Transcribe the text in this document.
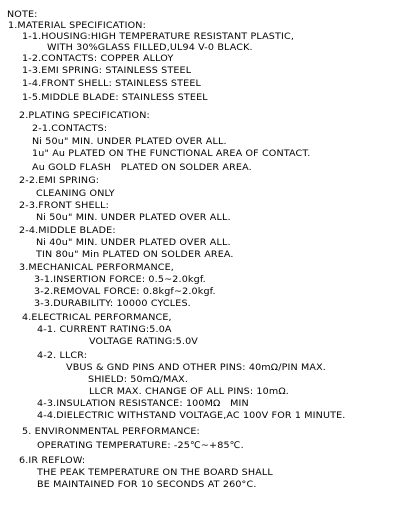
NOTE:
1.MATERIAL SPECIFICATION:
1-1.HOUSING:HIGH TEMPERATURE RESISTANT PLASTIC,
WITH 30%GLASS FILLED,UL94 V-0 BLACK.
1-2.CONTACTS: COPPER ALLOY
1-3.EMI SPRING: STAINLESS STEEL
1-4.FRONT SHELL: STAINLESS STEEL
1-5.MIDDLE BLADE: STAINLESS STEEL
2.PLATING SPECIFICATION:
2-1.CONTACTS:
Ni 50u" MIN. UNDER PLATED OVER ALL.
1u" Au PLATED ON THE FUNCTIONAL AREA OF CONTACT.
Au GOLD FLASH   PLATED ON SOLDER AREA.
2-2.EMI SPRING:
CLEANING ONLY
2-3.FRONT SHELL:
Ni 50u" MIN. UNDER PLATED OVER ALL.
2-4.MIDDLE BLADE:
Ni 40u" MIN. UNDER PLATED OVER ALL.
TIN 80u" Min PLATED ON SOLDER AREA.
3.MECHANICAL PERFORMANCE,
3-1.INSERTION FORCE: 0.5~2.0kgf.
3-2.REMOVAL FORCE: 0.8kgf~2.0kgf.
3-3.DURABILITY: 10000 CYCLES.
4.ELECTRICAL PERFORMANCE,
4-1. CURRENT RATING:5.0A
VOLTAGE RATING:5.0V
4-2. LLCR:
VBUS & GND PINS AND OTHER PINS: 40mΩ/PIN MAX.
SHIELD: 50mΩ/MAX.
LLCR MAX. CHANGE OF ALL PINS: 10mΩ.
4-3.INSULATION RESISTANCE: 100MΩ   MIN
4-4.DIELECTRIC WITHSTAND VOLTAGE,AC 100V FOR 1 MINUTE.
5. ENVIRONMENTAL PERFORMANCE:
OPERATING TEMPERATURE: -25℃~+85℃.
6.IR REFLOW:
THE PEAK TEMPERATURE ON THE BOARD SHALL
BE MAINTAINED FOR 10 SECONDS AT 260°C.
